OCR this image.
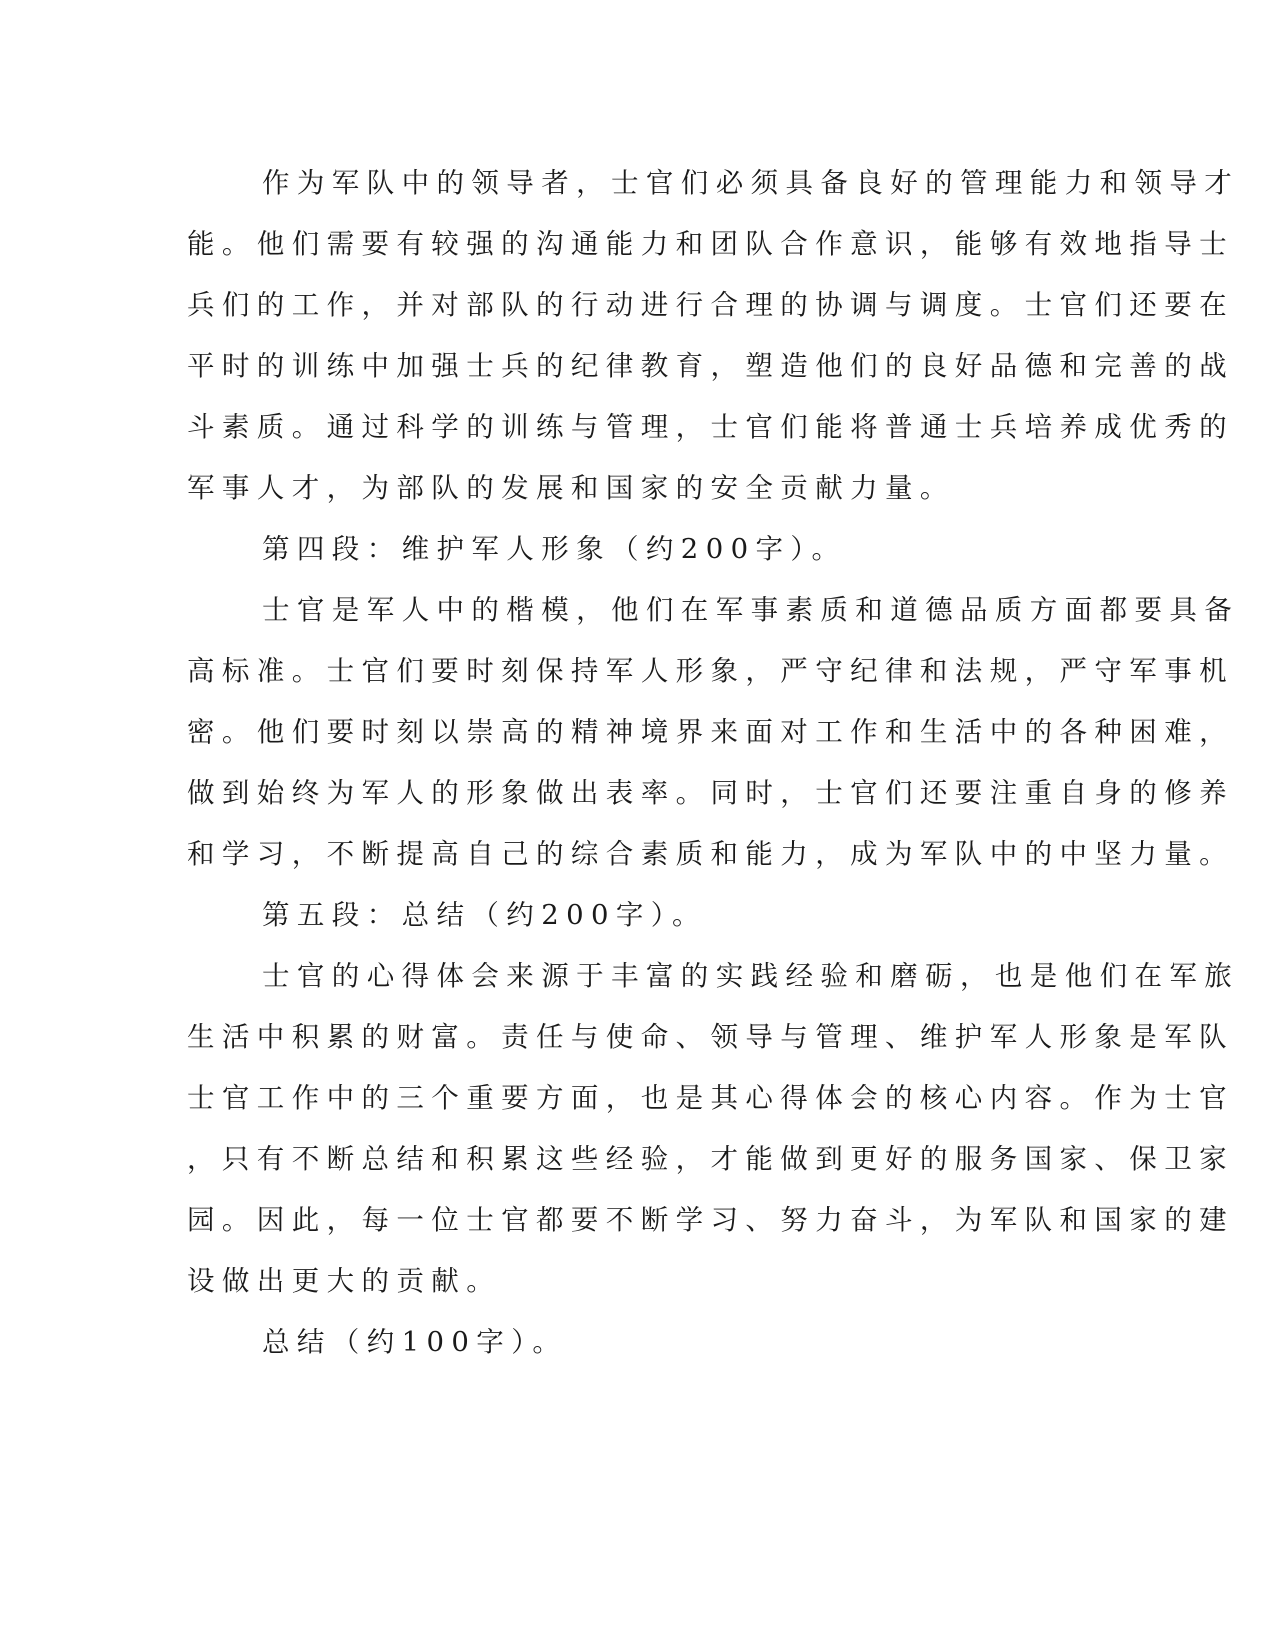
作为军队中的领导者，士官们必须具备良好的管理能力和领导才
能。他们需要有较强的沟通能力和团队合作意识，能够有效地指导士
兵们的工作，并对部队的行动进行合理的协调与调度。士官们还要在
平时的训练中加强士兵的纪律教育，塑造他们的良好品德和完善的战
斗素质。通过科学的训练与管理，士官们能将普通士兵培养成优秀的
军事人才，为部队的发展和国家的安全贡献力量。
第四段：维护军人形象（约200字）。
士官是军人中的楷模，他们在军事素质和道德品质方面都要具备
高标准。士官们要时刻保持军人形象，严守纪律和法规，严守军事机
密。他们要时刻以崇高的精神境界来面对工作和生活中的各种困难，
做到始终为军人的形象做出表率。同时，士官们还要注重自身的修养
和学习，不断提高自己的综合素质和能力，成为军队中的中坚力量。
第五段：总结（约200字）。
士官的心得体会来源于丰富的实践经验和磨砺，也是他们在军旅
生活中积累的财富。责任与使命、领导与管理、维护军人形象是军队
士官工作中的三个重要方面，也是其心得体会的核心内容。作为士官
，只有不断总结和积累这些经验，才能做到更好的服务国家、保卫家
园。因此，每一位士官都要不断学习、努力奋斗，为军队和国家的建
设做出更大的贡献。
总结（约100字）。
